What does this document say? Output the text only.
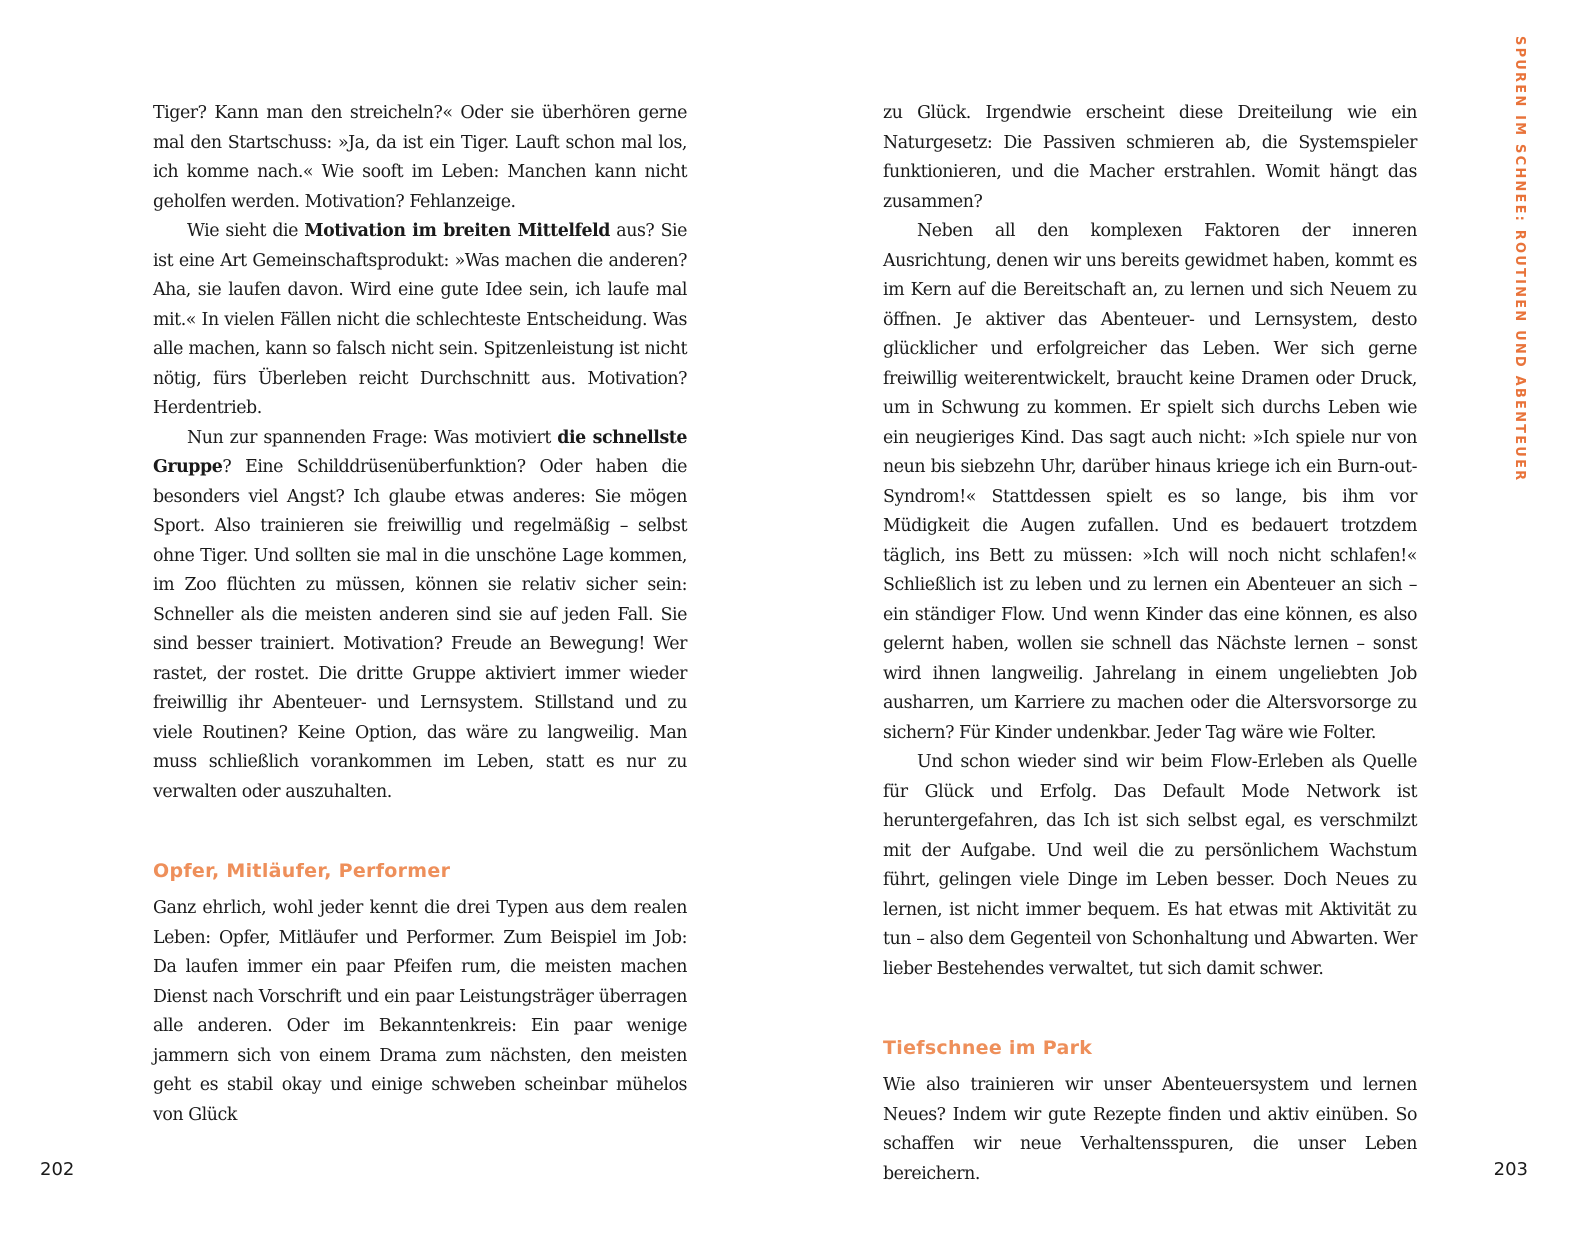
Tiger? Kann man den streicheln?« Oder sie überhören gerne mal den Startschuss: »Ja, da ist ein Tiger. Lauft schon mal los, ich komme nach.« Wie sooft im Leben: Manchen kann nicht geholfen werden. Motivation? Fehlanzeige.

Wie sieht die Motivation im breiten Mittelfeld aus? Sie ist eine Art Gemeinschaftsprodukt: »Was machen die anderen? Aha, sie laufen davon. Wird eine gute Idee sein, ich laufe mal mit.« In vielen Fällen nicht die schlechteste Entscheidung. Was alle machen, kann so falsch nicht sein. Spitzenleistung ist nicht nötig, fürs Überleben reicht Durchschnitt aus. Motivation? Herdentrieb.

Nun zur spannenden Frage: Was motiviert die schnellste Gruppe? Eine Schilddrüsenüberfunktion? Oder haben die besonders viel Angst? Ich glaube etwas anderes: Sie mögen Sport. Also trainieren sie freiwillig und regelmäßig – selbst ohne Tiger. Und sollten sie mal in die unschöne Lage kommen, im Zoo flüchten zu müssen, können sie relativ sicher sein: Schneller als die meisten anderen sind sie auf jeden Fall. Sie sind besser trainiert. Motivation? Freude an Bewegung! Wer rastet, der rostet. Die dritte Gruppe aktiviert immer wieder freiwillig ihr Abenteuer- und Lernsystem. Stillstand und zu viele Routinen? Keine Option, das wäre zu langweilig. Man muss schließlich vorankommen im Leben, statt es nur zu verwalten oder auszuhalten.

Opfer, Mitläufer, Performer

Ganz ehrlich, wohl jeder kennt die drei Typen aus dem realen Leben: Opfer, Mitläufer und Performer. Zum Beispiel im Job: Da laufen immer ein paar Pfeifen rum, die meisten machen Dienst nach Vorschrift und ein paar Leistungsträger überragen alle anderen. Oder im Bekanntenkreis: Ein paar wenige jammern sich von einem Drama zum nächsten, den meisten geht es stabil okay und einige schweben scheinbar mühelos von Glück

202

zu Glück. Irgendwie erscheint diese Dreiteilung wie ein Naturgesetz: Die Passiven schmieren ab, die Systemspieler funktionieren, und die Macher erstrahlen. Womit hängt das zusammen?

Neben all den komplexen Faktoren der inneren Ausrichtung, denen wir uns bereits gewidmet haben, kommt es im Kern auf die Bereitschaft an, zu lernen und sich Neuem zu öffnen. Je aktiver das Abenteuer- und Lernsystem, desto glücklicher und erfolgreicher das Leben. Wer sich gerne freiwillig weiterentwickelt, braucht keine Dramen oder Druck, um in Schwung zu kommen. Er spielt sich durchs Leben wie ein neugieriges Kind. Das sagt auch nicht: »Ich spiele nur von neun bis siebzehn Uhr, darüber hinaus kriege ich ein Burn-out-Syndrom!« Stattdessen spielt es so lange, bis ihm vor Müdigkeit die Augen zufallen. Und es bedauert trotzdem täglich, ins Bett zu müssen: »Ich will noch nicht schlafen!« Schließlich ist zu leben und zu lernen ein Abenteuer an sich – ein ständiger Flow. Und wenn Kinder das eine können, es also gelernt haben, wollen sie schnell das Nächste lernen – sonst wird ihnen langweilig. Jahrelang in einem ungeliebten Job ausharren, um Karriere zu machen oder die Altersvorsorge zu sichern? Für Kinder undenkbar. Jeder Tag wäre wie Folter.

Und schon wieder sind wir beim Flow-Erleben als Quelle für Glück und Erfolg. Das Default Mode Network ist heruntergefahren, das Ich ist sich selbst egal, es verschmilzt mit der Aufgabe. Und weil die zu persönlichem Wachstum führt, gelingen viele Dinge im Leben besser. Doch Neues zu lernen, ist nicht immer bequem. Es hat etwas mit Aktivität zu tun – also dem Gegenteil von Schonhaltung und Abwarten. Wer lieber Bestehendes verwaltet, tut sich damit schwer.

Tiefschnee im Park

Wie also trainieren wir unser Abenteuersystem und lernen Neues? Indem wir gute Rezepte finden und aktiv einüben. So schaffen wir neue Verhaltensspuren, die unser Leben bereichern.

SPUREN IM SCHNEE: ROUTINEN UND ABENTEUER
203
